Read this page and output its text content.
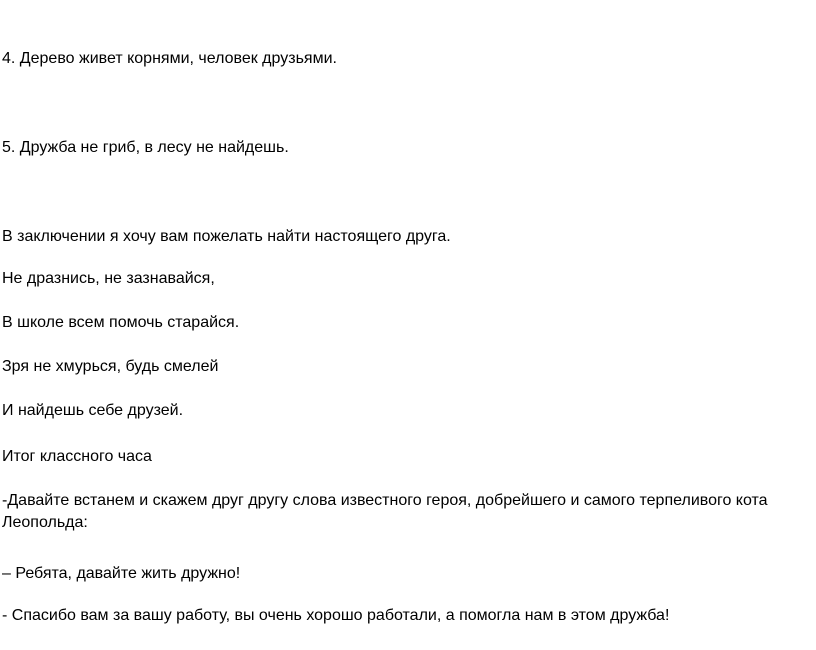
4. Дерево живет корнями, человек друзьями.
5. Дружба не гриб, в лесу не найдешь.
В заключении я хочу вам пожелать найти настоящего друга.
Не дразнись, не зазнавайся,
В школе всем помочь старайся.
Зря не хмурься, будь смелей
И найдешь себе друзей.
Итог классного часа
-Давайте встанем и скажем друг другу слова известного героя, добрейшего и самого терпеливого кота Леопольда:
– Ребята, давайте жить дружно!
- Спасибо вам за вашу работу, вы очень хорошо работали, а помогла нам в этом дружба!
